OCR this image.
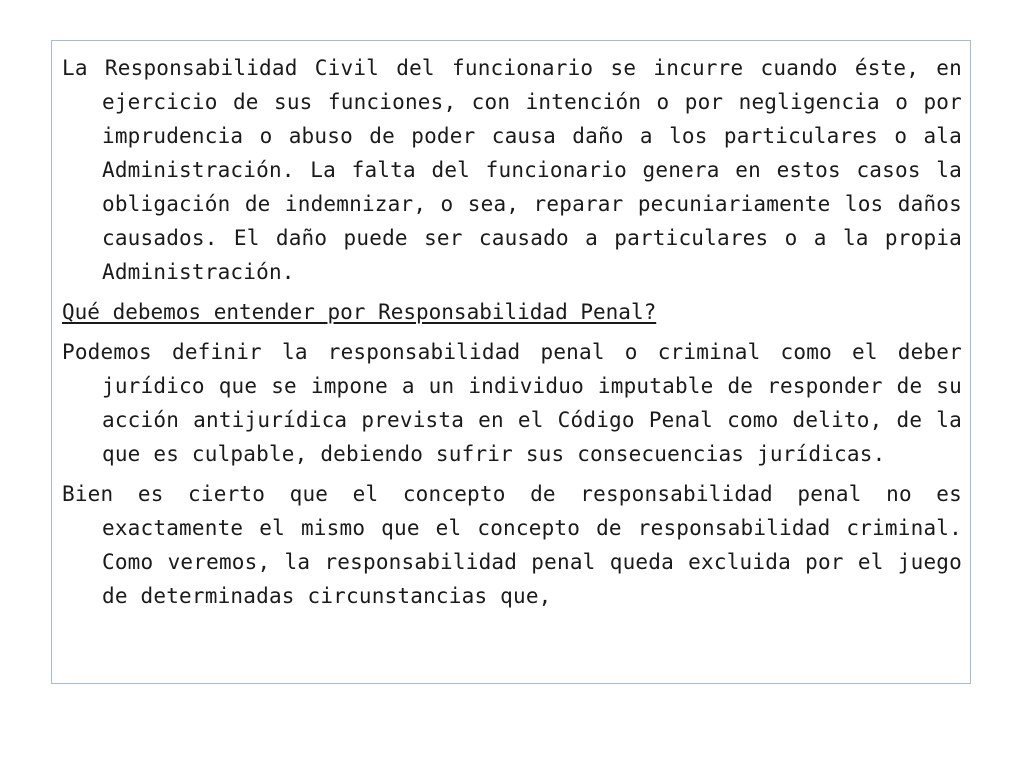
La Responsabilidad Civil del funcionario se incurre cuando éste, en ejercicio de sus funciones, con intención o por negligencia o por imprudencia o abuso de poder causa daño a los particulares o ala Administración. La falta del funcionario genera en estos casos la obligación de indemnizar, o sea, reparar pecuniariamente los daños causados. El daño puede ser causado a particulares o a la propia Administración.

Qué debemos entender por Responsabilidad Penal?

Podemos definir la responsabilidad penal o criminal como el deber jurídico que se impone a un individuo imputable de responder de su acción antijurídica prevista en el Código Penal como delito, de la que es culpable, debiendo sufrir sus consecuencias jurídicas.

Bien es cierto que el concepto de responsabilidad penal no es exactamente el mismo que el concepto de responsabilidad criminal. Como veremos, la responsabilidad penal queda excluida por el juego de determinadas circunstancias que,
